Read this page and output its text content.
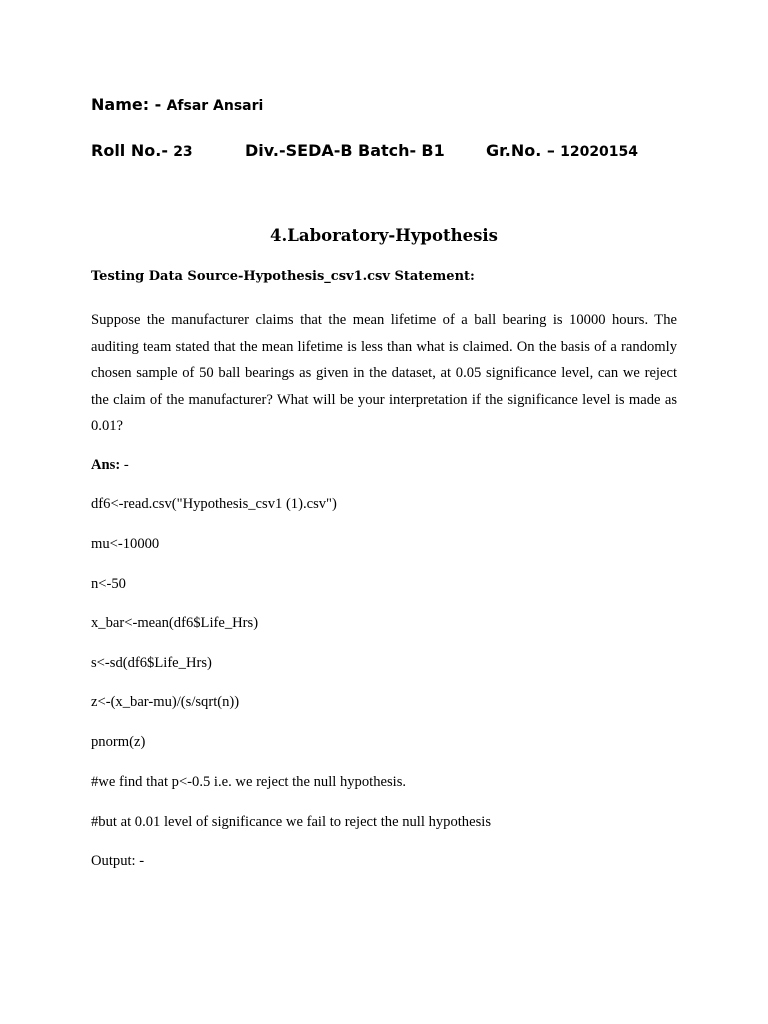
Name: - Afsar Ansari
Roll No.- 23	Div.-SEDA-B Batch- B1	Gr.No. – 12020154
4.Laboratory-Hypothesis
Testing Data Source-Hypothesis_csv1.csv Statement:
Suppose the manufacturer claims that the mean lifetime of a ball bearing is 10000 hours. The auditing team stated that the mean lifetime is less than what is claimed. On the basis of a randomly chosen sample of 50 ball bearings as given in the dataset, at 0.05 significance level, can we reject the claim of the manufacturer? What will be your interpretation if the significance level is made as 0.01?
Ans: -
df6<-read.csv("Hypothesis_csv1 (1).csv")
mu<-10000
n<-50
x_bar<-mean(df6$Life_Hrs)
s<-sd(df6$Life_Hrs)
z<-(x_bar-mu)/(s/sqrt(n))
pnorm(z)
#we find that p<-0.5 i.e. we reject the null hypothesis.
#but at 0.01 level of significance we fail to reject the null hypothesis
Output: -
